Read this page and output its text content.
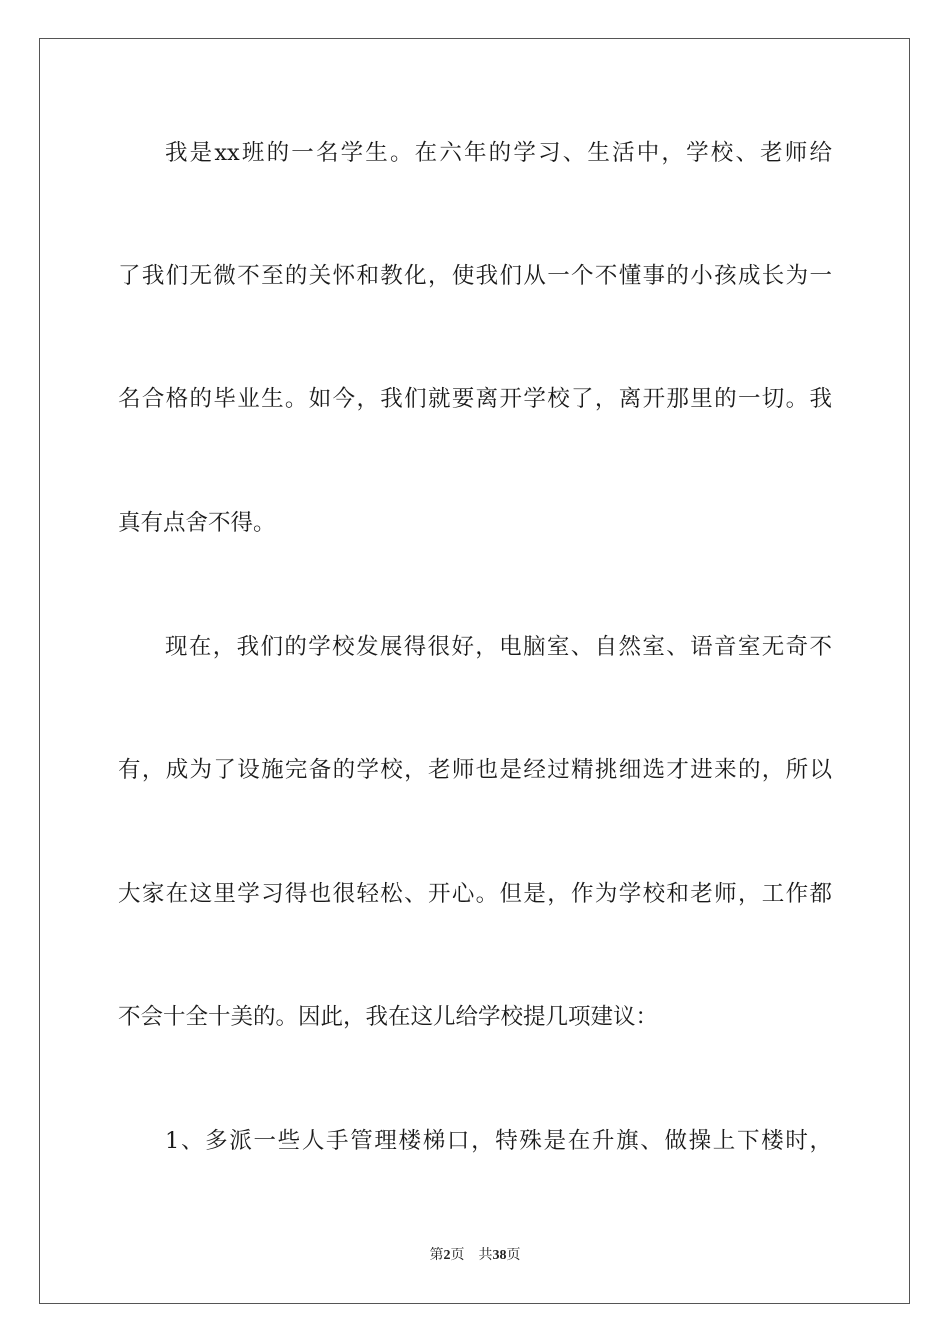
我是xx班的一名学生。在六年的学习、生活中，学校、老师给
了我们无微不至的关怀和教化，使我们从一个不懂事的小孩成长为一
名合格的毕业生。如今，我们就要离开学校了，离开那里的一切。我
真有点舍不得。
现在，我们的学校发展得很好，电脑室、自然室、语音室无奇不
有，成为了设施完备的学校，老师也是经过精挑细选才进来的，所以
大家在这里学习得也很轻松、开心。但是，作为学校和老师，工作都
不会十全十美的。因此，我在这儿给学校提几项建议：
1、多派一些人手管理楼梯口，特殊是在升旗、做操上下楼时，
第2页 共38页
